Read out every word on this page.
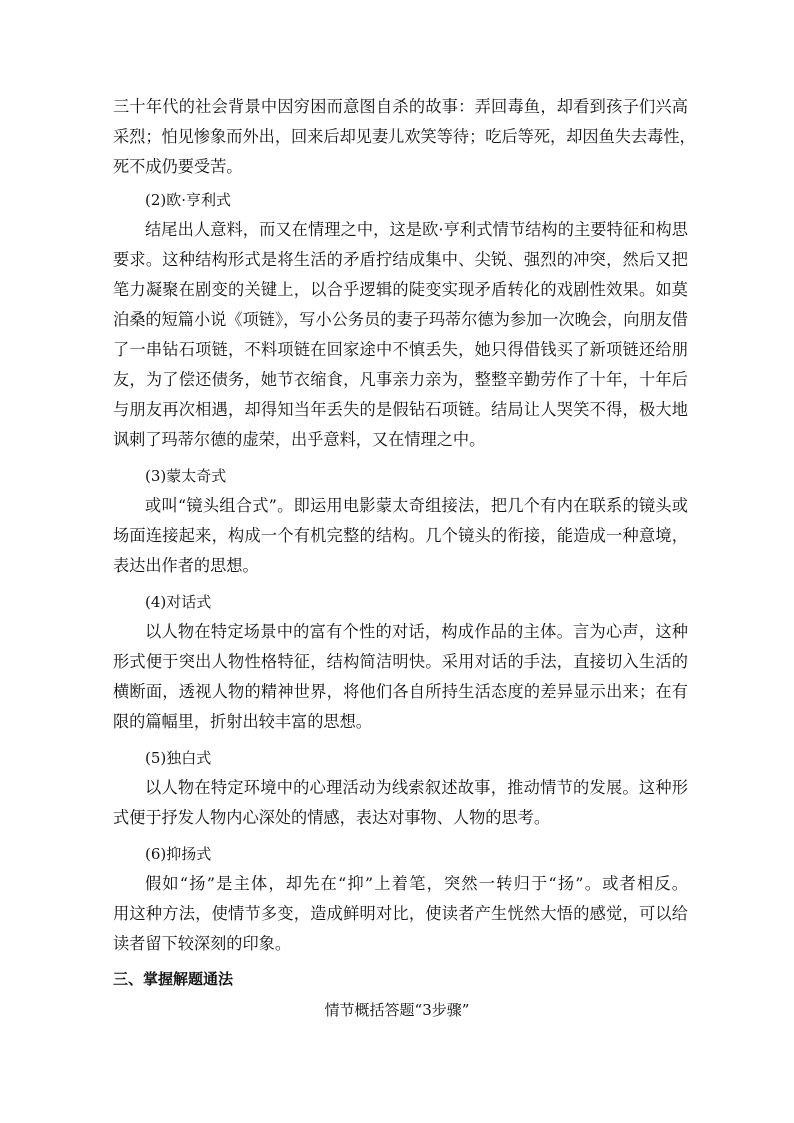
三十年代的社会背景中因穷困而意图自杀的故事：弄回毒鱼，却看到孩子们兴高
采烈；怕见惨象而外出，回来后却见妻儿欢笑等待；吃后等死，却因鱼失去毒性，
死不成仍要受苦。
(2)欧·亨利式
结尾出人意料，而又在情理之中，这是欧·亨利式情节结构的主要特征和构思
要求。这种结构形式是将生活的矛盾拧结成集中、尖锐、强烈的冲突，然后又把
笔力凝聚在剧变的关键上，以合乎逻辑的陡变实现矛盾转化的戏剧性效果。如莫
泊桑的短篇小说《项链》，写小公务员的妻子玛蒂尔德为参加一次晚会，向朋友借
了一串钻石项链，不料项链在回家途中不慎丢失，她只得借钱买了新项链还给朋
友，为了偿还债务，她节衣缩食，凡事亲力亲为，整整辛勤劳作了十年，十年后
与朋友再次相遇，却得知当年丢失的是假钻石项链。结局让人哭笑不得，极大地
讽刺了玛蒂尔德的虚荣，出乎意料，又在情理之中。
(3)蒙太奇式
或叫“镜头组合式”。即运用电影蒙太奇组接法，把几个有内在联系的镜头或
场面连接起来，构成一个有机完整的结构。几个镜头的衔接，能造成一种意境，
表达出作者的思想。
(4)对话式
以人物在特定场景中的富有个性的对话，构成作品的主体。言为心声，这种
形式便于突出人物性格特征，结构简洁明快。采用对话的手法，直接切入生活的
横断面，透视人物的精神世界，将他们各自所持生活态度的差异显示出来；在有
限的篇幅里，折射出较丰富的思想。
(5)独白式
以人物在特定环境中的心理活动为线索叙述故事，推动情节的发展。这种形
式便于抒发人物内心深处的情感，表达对事物、人物的思考。
(6)抑扬式
假如“扬”是主体，却先在“抑”上着笔，突然一转归于“扬”。或者相反。
用这种方法，使情节多变，造成鲜明对比，使读者产生恍然大悟的感觉，可以给
读者留下较深刻的印象。
三、掌握解题通法
情节概括答题“3步骤”
